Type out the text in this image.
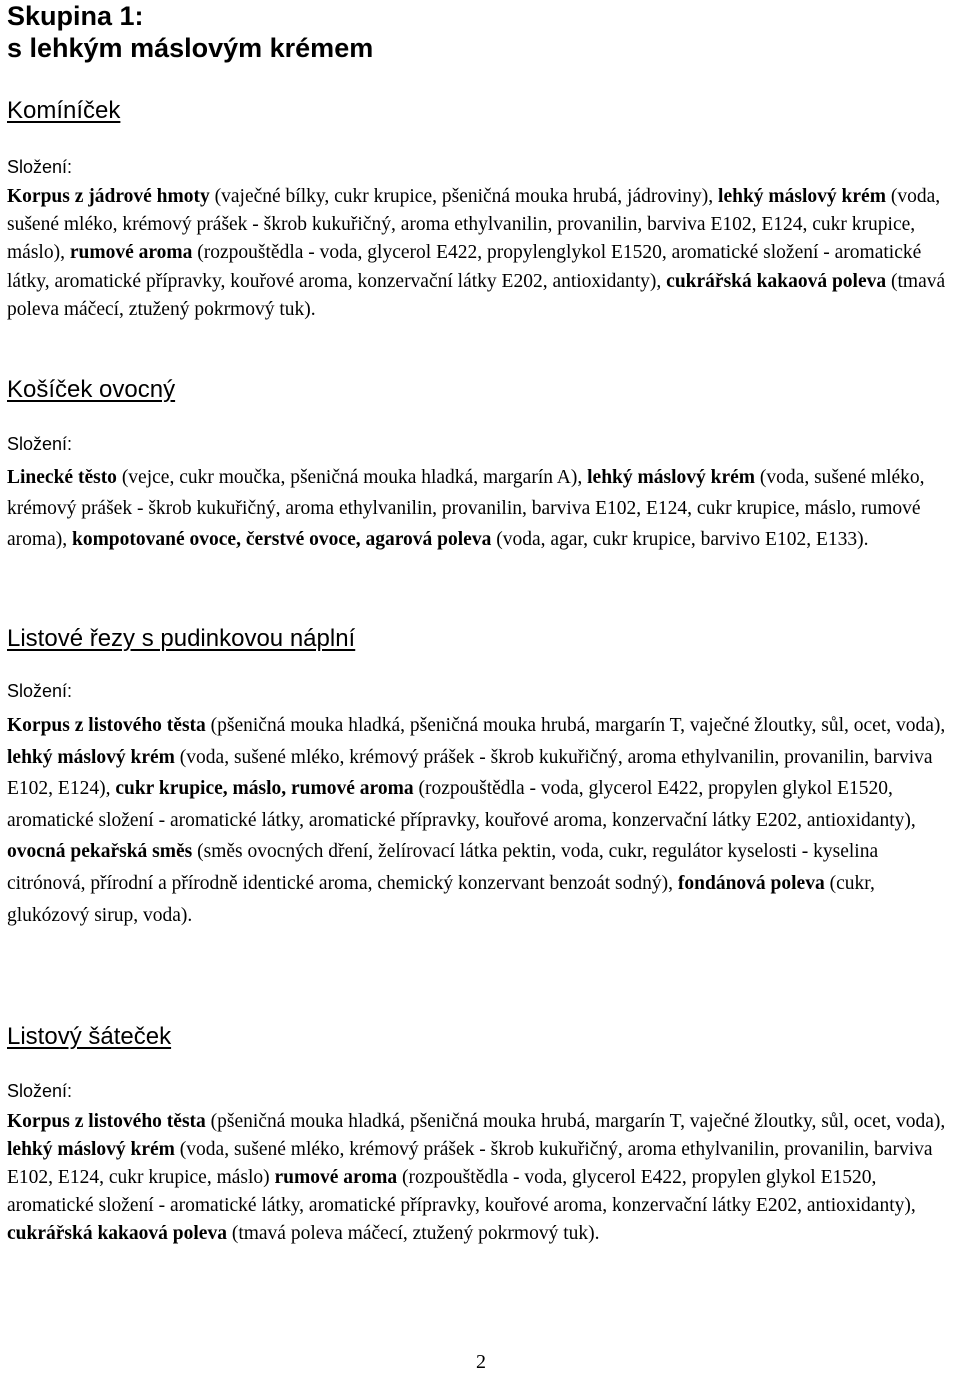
Skupina 1:
s lehkým máslovým krémem
Komíníček
Složení:

Korpus z jádrové hmoty (vaječné bílky, cukr krupice, pšeničná mouka hrubá, jádroviny), lehký máslový krém (voda, sušené mléko, krémový prášek - škrob kukuřičný, aroma ethylvanilin, provanilin, barviva E102, E124, cukr krupice, máslo), rumové aroma (rozpouštědla - voda, glycerol E422, propylenglykol E1520, aromatické složení - aromatické látky, aromatické přípravky, kouřové aroma, konzervační látky E202, antioxidanty), cukrářská kakaová poleva (tmavá poleva máčecí, ztužený pokrmový tuk).

Košíček ovocný
Složení:

Linecké těsto (vejce, cukr moučka, pšeničná mouka hladká, margarín A), lehký máslový krém (voda, sušené mléko, krémový prášek - škrob kukuřičný, aroma ethylvanilin, provanilin, barviva E102, E124, cukr krupice, máslo, rumové aroma), kompotované ovoce, čerstvé ovoce, agarová poleva (voda, agar, cukr krupice, barvivo E102, E133).

Listové řezy s pudinkovou náplní
Složení:

Korpus z listového těsta (pšeničná mouka hladká, pšeničná mouka hrubá, margarín T, vaječné žloutky, sůl, ocet, voda), lehký máslový krém (voda, sušené mléko, krémový prášek - škrob kukuřičný, aroma ethylvanilin, provanilin, barviva E102, E124), cukr krupice, máslo, rumové aroma (rozpouštědla - voda, glycerol E422, propylen glykol E1520, aromatické složení - aromatické látky, aromatické přípravky, kouřové aroma, konzervační látky E202, antioxidanty), ovocná pekařská směs (směs ovocných dření, želírovací látka pektin, voda, cukr, regulátor kyselosti - kyselina citrónová, přírodní a přírodně identické aroma, chemický konzervant benzoát sodný), fondánová poleva (cukr, glukózový sirup, voda).

Listový šáteček
Složení:

Korpus z listového těsta (pšeničná mouka hladká, pšeničná mouka hrubá, margarín T, vaječné žloutky, sůl, ocet, voda), lehký máslový krém (voda, sušené mléko, krémový prášek - škrob kukuřičný, aroma ethylvanilin, provanilin, barviva E102, E124, cukr krupice, máslo) rumové aroma (rozpouštědla - voda, glycerol E422, propylen glykol E1520, aromatické složení - aromatické látky, aromatické přípravky, kouřové aroma, konzervační látky E202, antioxidanty), cukrářská kakaová poleva (tmavá poleva máčecí, ztužený pokrmový tuk).

2
